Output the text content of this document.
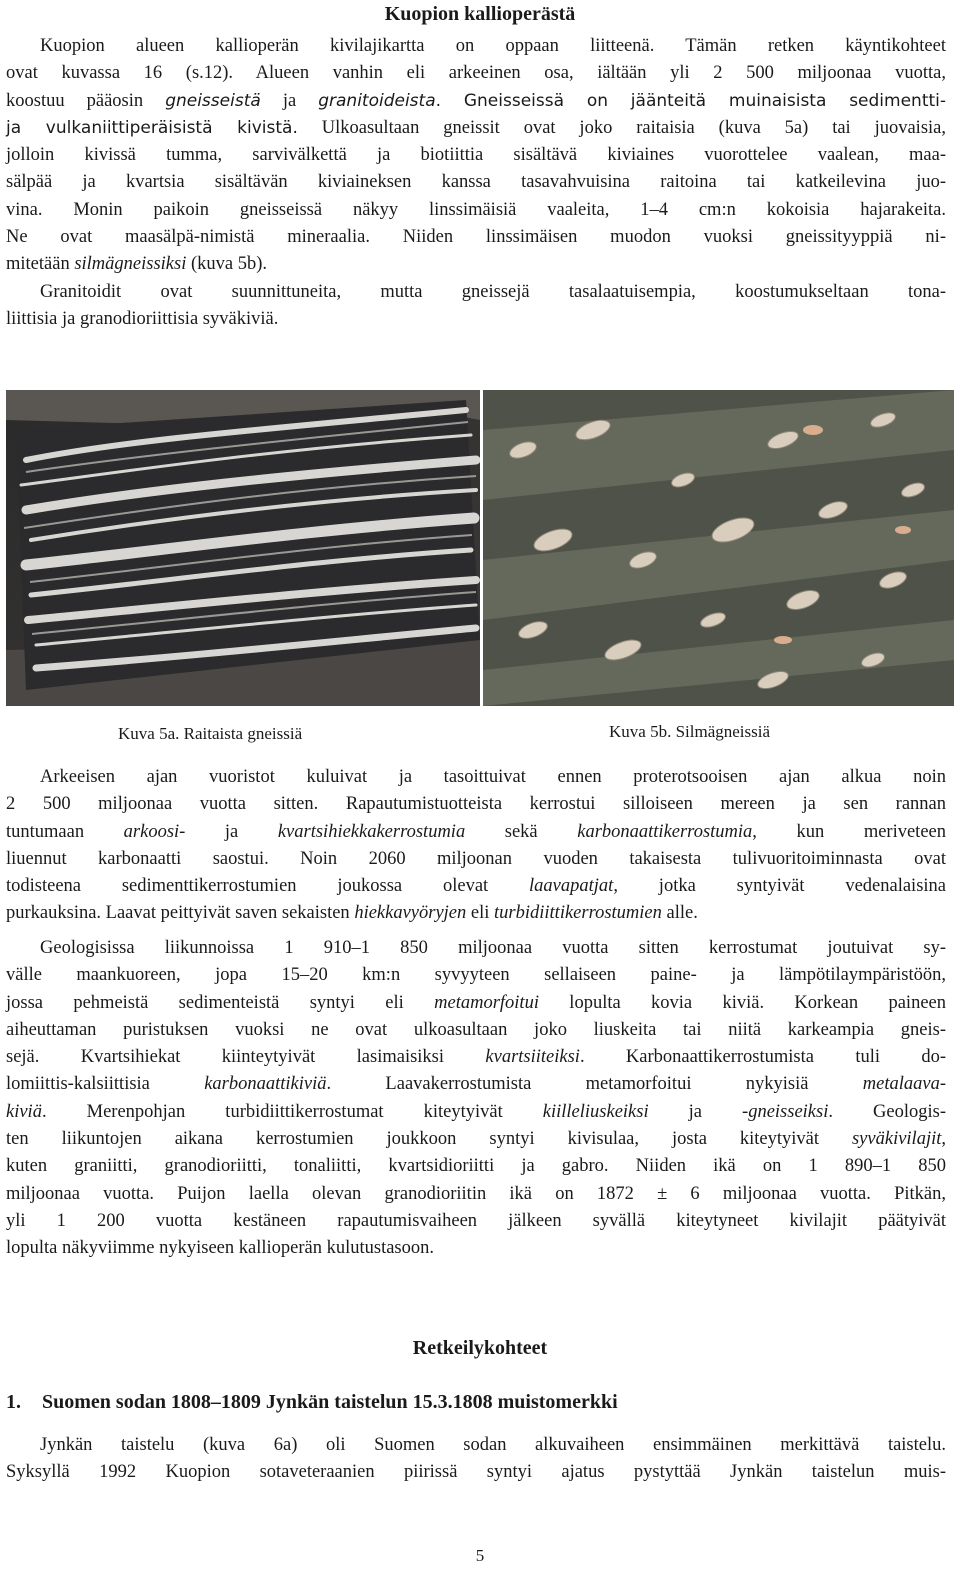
Kuopion kallioperästä
Kuopion alueen kallioperän kivilajikartta on oppaan liitteenä. Tämän retken käyntikohteet
ovat kuvassa 16 (s.12). Alueen vanhin eli arkeeinen osa, iältään yli 2 500 miljoonaa vuotta,
koostuu pääosin gneisseistä ja granitoideista. Gneisseissä on jäänteitä muinaisista sedimentti-
ja vulkaniittiperäisistä kivistä. Ulkoasultaan gneissit ovat joko raitaisia (kuva 5a) tai juovaisia,
jolloin kivissä tumma, sarvivälkettä ja biotiittia sisältävä kiviaines vuorottelee vaalean, maa-
sälpää ja kvartsia sisältävän kiviaineksen kanssa tasavahvuisina raitoina tai katkeilevina juo-
vina. Monin paikoin gneisseissä näkyy linssimäisiä vaaleita, 1–4 cm:n kokoisia hajarakeita.
Ne ovat maasälpä-nimistä mineraalia. Niiden linssimäisen muodon vuoksi gneissityyppiä ni-
mitetään silmägneissiksi (kuva 5b).
Granitoidit ovat suunnittuneita, mutta gneissejä tasalaatuisempia, koostumukseltaan tona-
liittisia ja granodioriittisia syväkiviä.
Kuva 5a. Raitaista gneissiä	Kuva 5b. Silmägneissiä
Arkeeisen ajan vuoristot kuluivat ja tasoittuivat ennen proterotsooisen ajan alkua noin
2 500 miljoonaa vuotta sitten. Rapautumistuotteista kerrostui silloiseen mereen ja sen rannan
tuntumaan arkoosi- ja kvartsihiekkakerrostumia sekä karbonaattikerrostumia, kun meriveteen
liuennut karbonaatti saostui. Noin 2060 miljoonan vuoden takaisesta tulivuoritoiminnasta ovat
todisteena sedimenttikerrostumien joukossa olevat laavapatjat, jotka syntyivät vedenalaisina
purkauksina. Laavat peittyivät saven sekaisten hiekkavyöryjen eli turbidiittikerrostumien alle.
Geologisissa liikunnoissa 1 910–1 850 miljoonaa vuotta sitten kerrostumat joutuivat sy-
välle maankuoreen, jopa 15–20 km:n syvyyteen sellaiseen paine- ja lämpötilaympäristöön,
jossa pehmeistä sedimenteistä syntyi eli metamorfoitui lopulta kovia kiviä. Korkean paineen
aiheuttaman puristuksen vuoksi ne ovat ulkoasultaan joko liuskeita tai niitä karkeampia gneis-
sejä. Kvartsihiekat kiinteytyivät lasimaisiksi kvartsiiteiksi. Karbonaattikerrostumista tuli do-
lomiittis-kalsiittisia karbonaattikiviä. Laavakerrostumista metamorfoitui nykyisiä metalaava-
kiviä. Merenpohjan turbidiittikerrostumat kiteytyivät kiilleliuskeiksi ja -gneisseiksi. Geologis-
ten liikuntojen aikana kerrostumien joukkoon syntyi kivisulaa, josta kiteytyivät syväkivilajit,
kuten graniitti, granodioriitti, tonaliitti, kvartsidioriitti ja gabro. Niiden ikä on 1 890–1 850
miljoonaa vuotta. Puijon laella olevan granodioriitin ikä on 1872 ± 6 miljoonaa vuotta. Pitkän,
yli 1 200 vuotta kestäneen rapautumisvaiheen jälkeen syvällä kiteytyneet kivilajit päätyivät
lopulta näkyviimme nykyiseen kallioperän kulutustasoon.
Retkeilykohteet
1. Suomen sodan 1808–1809 Jynkän taistelun 15.3.1808 muistomerkki
Jynkän taistelu (kuva 6a) oli Suomen sodan alkuvaiheen ensimmäinen merkittävä taistelu.
Syksyllä 1992 Kuopion sotaveteraanien piirissä syntyi ajatus pystyttää Jynkän taistelun muis-
5
